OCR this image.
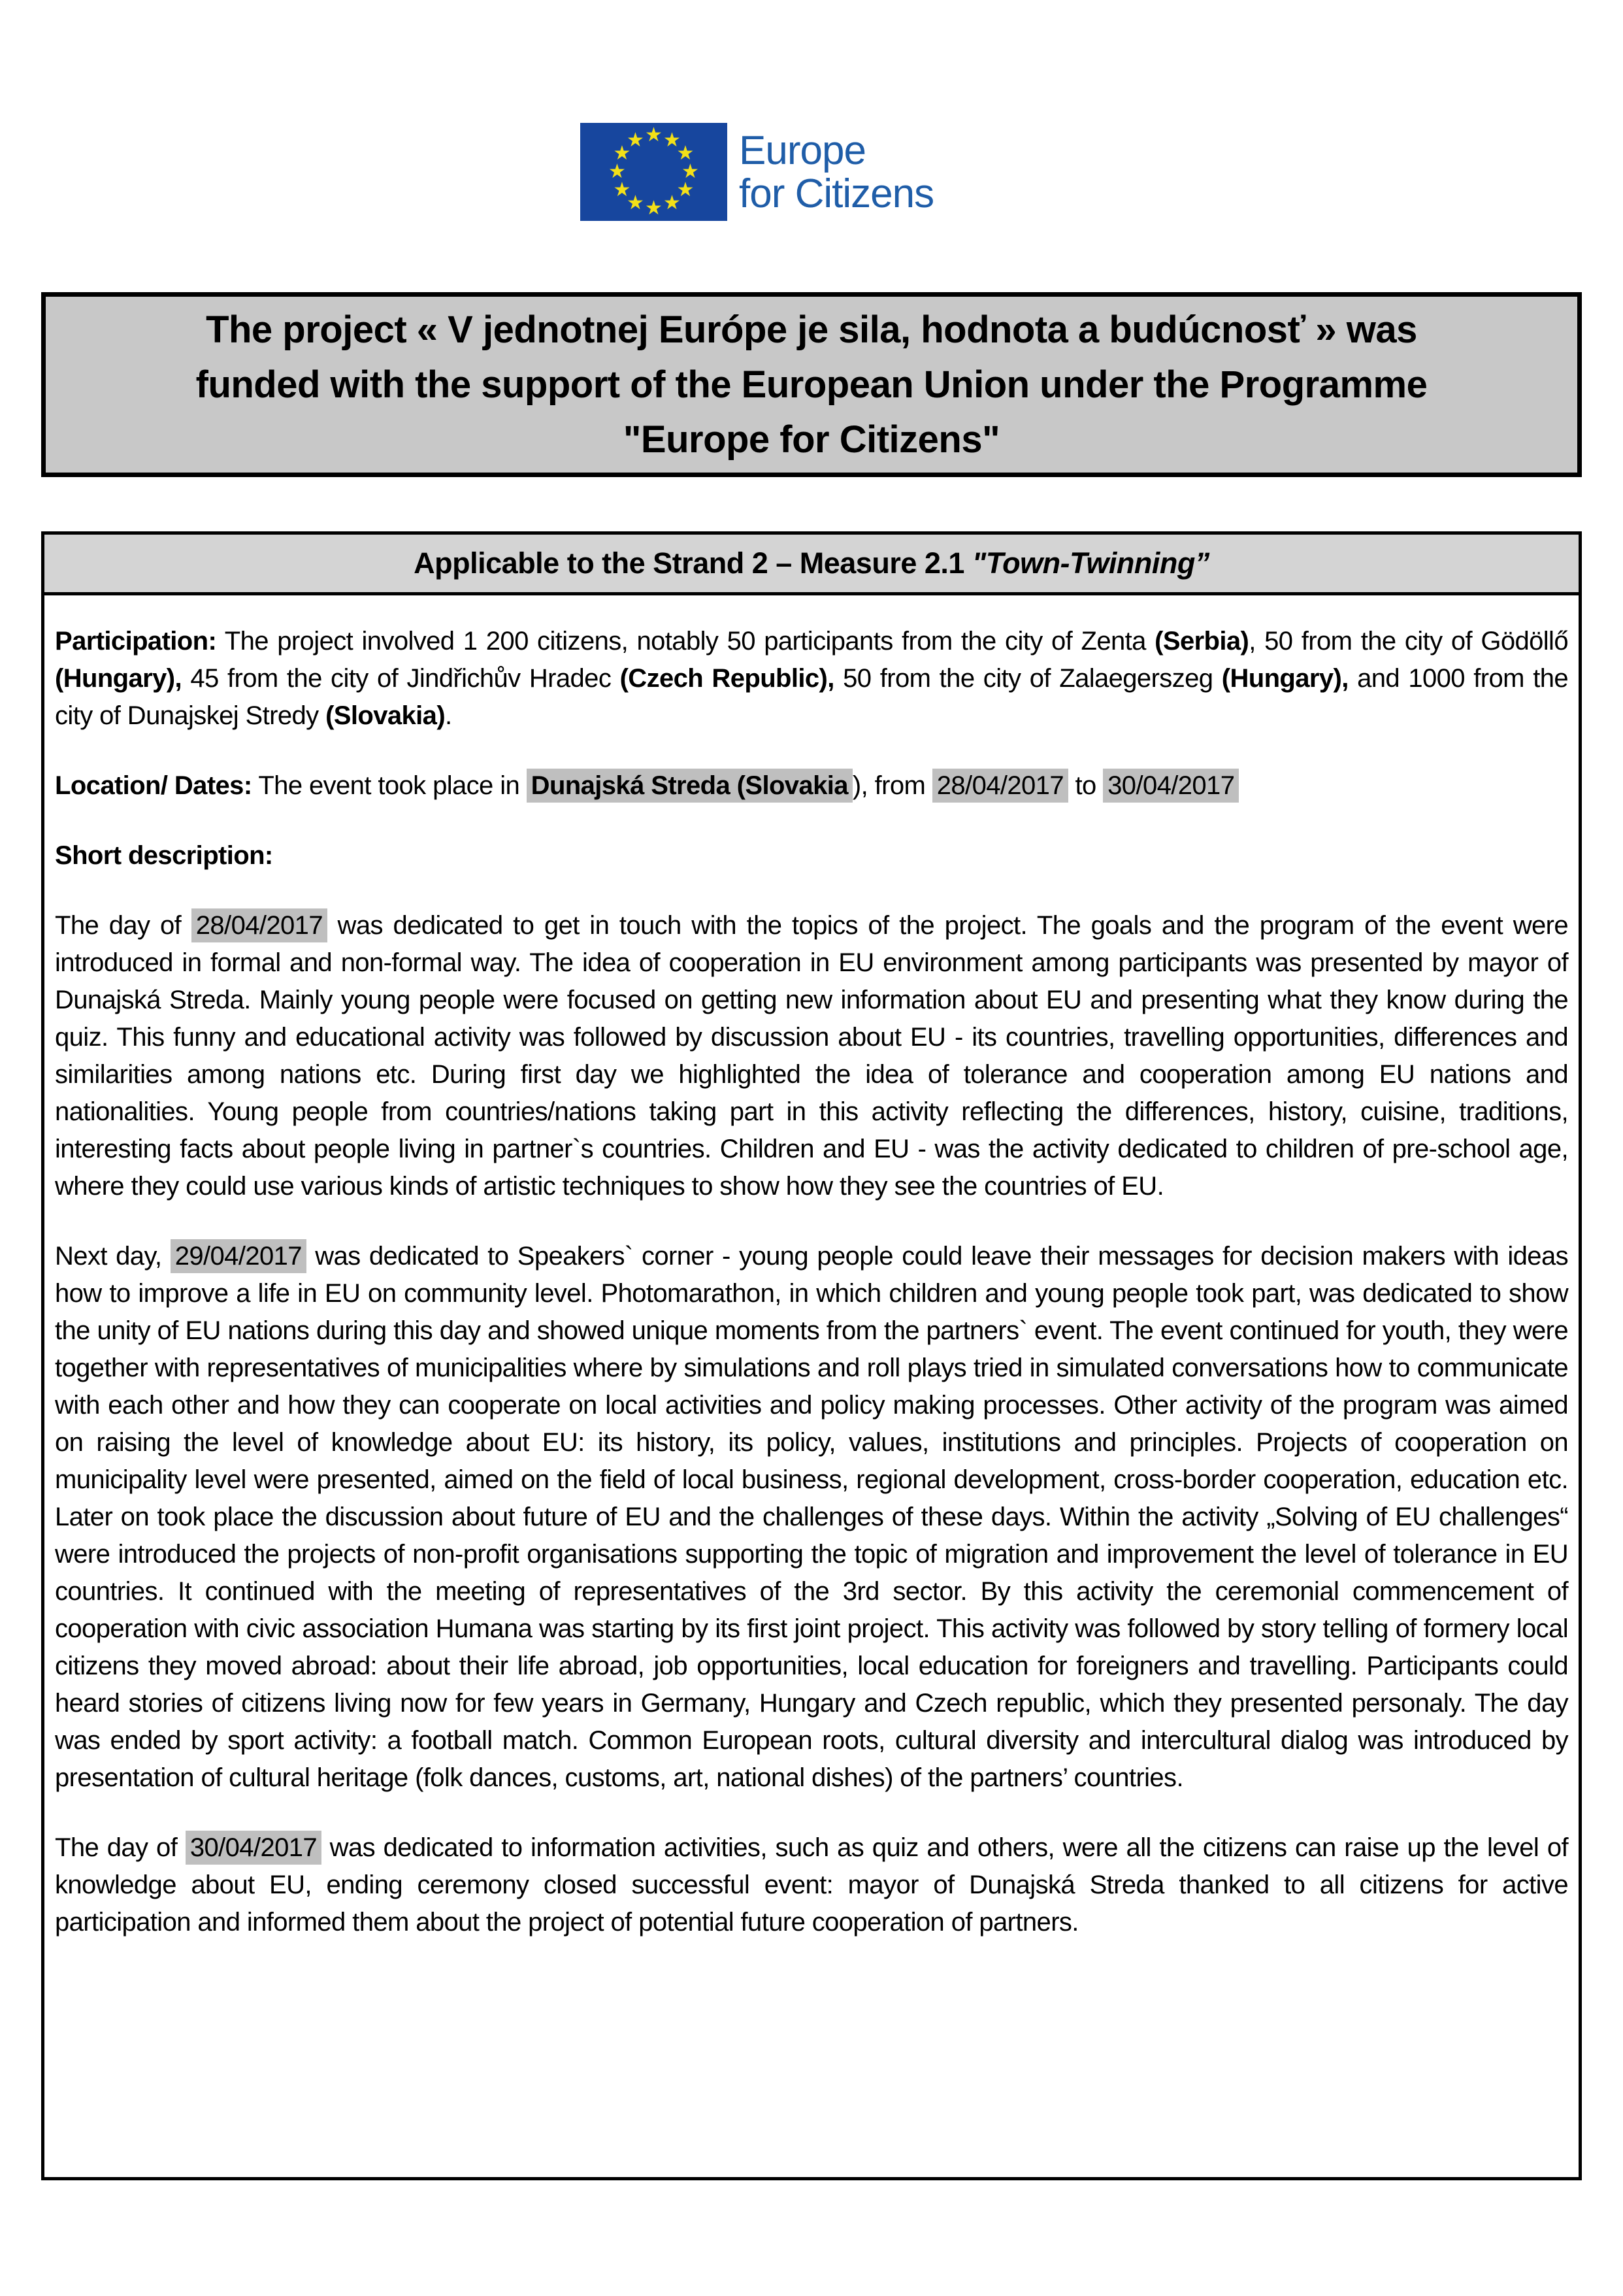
★ ★
★
★
★
★
★
★
★
★
★
★ Europe
for Citizens
The project « V jednotnej Európe je sila, hodnota a budúcnosť » was
funded with the support of the European Union under the Programme
"Europe for Citizens"
Applicable to the Strand 2 – Measure 2.1 "Town-Twinning”

Participation: The project involved 1 200 citizens, notably 50 participants from the city of Zenta (Serbia), 50 from the city of Gödöllő (Hungary), 45 from the city of Jindřichův Hradec (Czech Republic), 50 from the city of Zalaegerszeg (Hungary), and 1000 from the city of Dunajskej Stredy (Slovakia).

Location/ Dates: The event took place in Dunajská Streda (Slovakia ), from 28/04/2017 to 30/04/2017

Short description:

The day of 28/04/2017 was dedicated to get in touch with the topics of the project. The goals and the program of the event were introduced in formal and non-formal way. The idea of cooperation in EU environment among participants was presented by mayor of Dunajská Streda. Mainly young people were focused on getting new information about EU and presenting what they know during the quiz. This funny and educational activity was followed by discussion about EU - its countries, travelling opportunities, differences and similarities among nations etc. During first day we highlighted the idea of tolerance and cooperation among EU nations and nationalities. Young people from countries/nations taking part in this activity reflecting the differences, history, cuisine, traditions, interesting facts about people living in partner`s countries. Children and EU - was the activity dedicated to children of pre-school age, where they could use various kinds of artistic techniques to show how they see the countries of EU.

Next day, 29/04/2017 was dedicated to Speakers` corner - young people could leave their messages for decision makers with ideas how to improve a life in EU on community level. Photomarathon, in which children and young people took part, was dedicated to show the unity of EU nations during this day and showed unique moments from the partners` event. The event continued for youth, they were together with representatives of municipalities where by simulations and roll plays tried in simulated conversations how to communicate with each other and how they can cooperate on local activities and policy making processes. Other activity of the program was aimed on raising the level of knowledge about EU: its history, its policy, values, institutions and principles. Projects of cooperation on municipality level were presented, aimed on the field of local business, regional development, cross-border cooperation, education etc. Later on took place the discussion about future of EU and the challenges of these days. Within the activity „Solving of EU challenges“ were introduced the projects of non-profit organisations supporting the topic of migration and improvement the level of tolerance in EU countries. It continued with the meeting of representatives of the 3rd sector. By this activity the ceremonial commencement of cooperation with civic association Humana was starting by its first joint project. This activity was followed by story telling of formery local citizens they moved abroad: about their life abroad, job opportunities, local education for foreigners and travelling. Participants could heard stories of citizens living now for few years in Germany, Hungary and Czech republic, which they presented personaly. The day was ended by sport activity: a football match. Common European roots, cultural diversity and intercultural dialog was introduced by presentation of cultural heritage (folk dances, customs, art, national dishes) of the partners’ countries.

The day of 30/04/2017 was dedicated to information activities, such as quiz and others, were all the citizens can raise up the level of knowledge about EU, ending ceremony closed successful event: mayor of Dunajská Streda thanked to all citizens for active participation and informed them about the project of potential future cooperation of partners.
